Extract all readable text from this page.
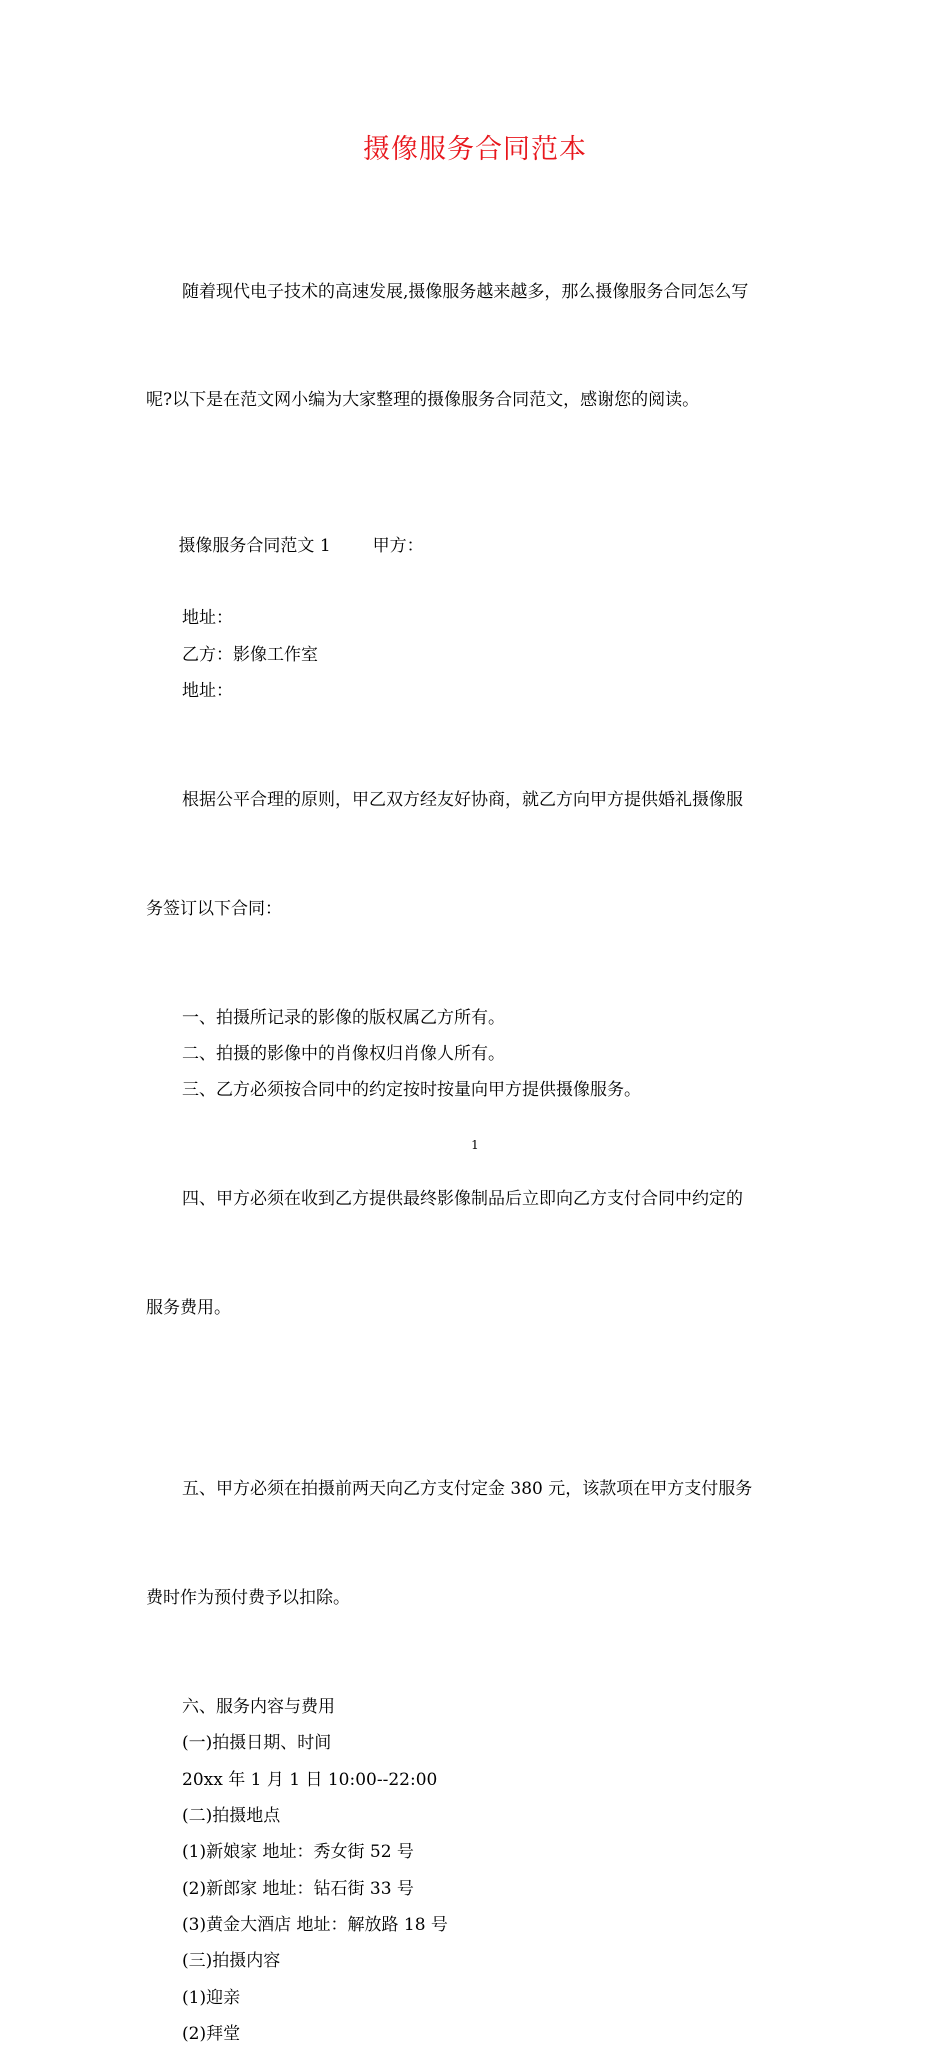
摄像服务合同范本

随着现代电子技术的高速发展,摄像服务越来越多，那么摄像服务合同怎么写

呢?以下是在范文网小编为大家整理的摄像服务合同范文，感谢您的阅读。

摄像服务合同范文 1 甲方：

地址：
乙方：影像工作室
地址：

根据公平合理的原则，甲乙双方经友好协商，就乙方向甲方提供婚礼摄像服

务签订以下合同：

一、拍摄所记录的影像的版权属乙方所有。
二、拍摄的影像中的肖像权归肖像人所有。
三、乙方必须按合同中的约定按时按量向甲方提供摄像服务。

四、甲方必须在收到乙方提供最终影像制品后立即向乙方支付合同中约定的

服务费用。

五、甲方必须在拍摄前两天向乙方支付定金 380 元，该款项在甲方支付服务

费时作为预付费予以扣除。

六、服务内容与费用
(一)拍摄日期、时间
20xx 年 1 月 1 日 10:00--22:00
(二)拍摄地点
(1)新娘家 地址：秀女街 52 号
(2)新郎家 地址：钻石街 33 号
(3)黄金大酒店 地址：解放路 18 号
(三)拍摄内容
(1)迎亲
(2)拜堂
1
